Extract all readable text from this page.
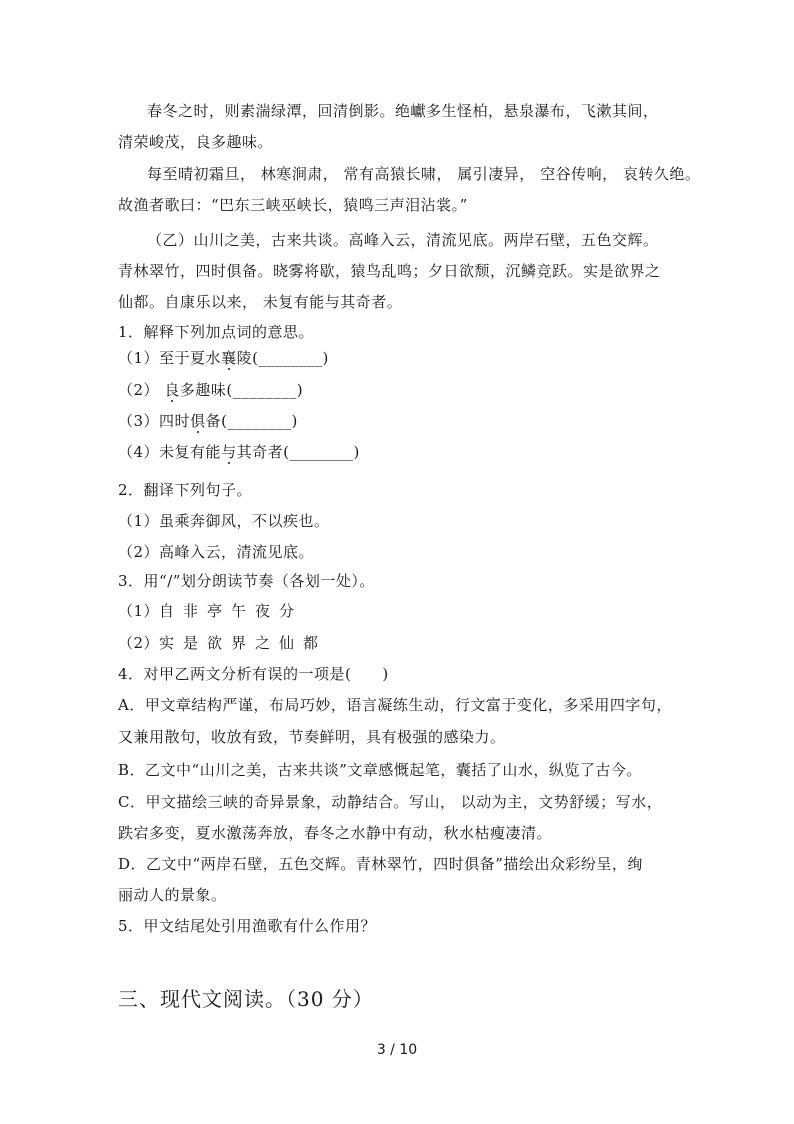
春冬之时，则素湍绿潭，回清倒影。绝巘多生怪柏，悬泉瀑布，飞漱其间，
清荣峻茂，良多趣味。
每至晴初霜旦， 林寒涧肃， 常有高猿长啸， 属引凄异， 空谷传响， 哀转久绝。
故渔者歌曰：“巴东三峡巫峡长，猿鸣三声泪沾裳。”
（乙）山川之美，古来共谈。高峰入云，清流见底。两岸石壁，五色交辉。
青林翠竹，四时俱备。晓雾将歇，猿鸟乱鸣；夕日欲颓，沉鳞竞跃。实是欲界之
仙都。自康乐以来， 未复有能与其奇者。
1．解释下列加点词的意思。
（1）至于夏水襄陵(________)
（2） 良多趣味(________)
（3）四时俱备(________)
（4）未复有能与其奇者(________)
2．翻译下列句子。
（1）虽乘奔御风，不以疾也。
（2）高峰入云，清流见底。
3．用“/”划分朗读节奏（各划一处）。
（1）自非亭午夜分
（2）实是欲界之仙都
4．对甲乙两文分析有误的一项是(　　)
A．甲文章结构严谨，布局巧妙，语言凝练生动，行文富于变化，多采用四字句，
又兼用散句，收放有致，节奏鲜明，具有极强的感染力。
B．乙文中“山川之美，古来共谈”文章感慨起笔，囊括了山水，纵览了古今。
C．甲文描绘三峡的奇异景象，动静结合。写山， 以动为主，文势舒缓；写水，
跌宕多变，夏水激荡奔放，春冬之水静中有动，秋水枯瘦凄清。
D．乙文中“两岸石壁，五色交辉。青林翠竹，四时俱备”描绘出众彩纷呈，绚
丽动人的景象。
5．甲文结尾处引用渔歌有什么作用？
三、现代文阅读。（30 分）
3 / 10
